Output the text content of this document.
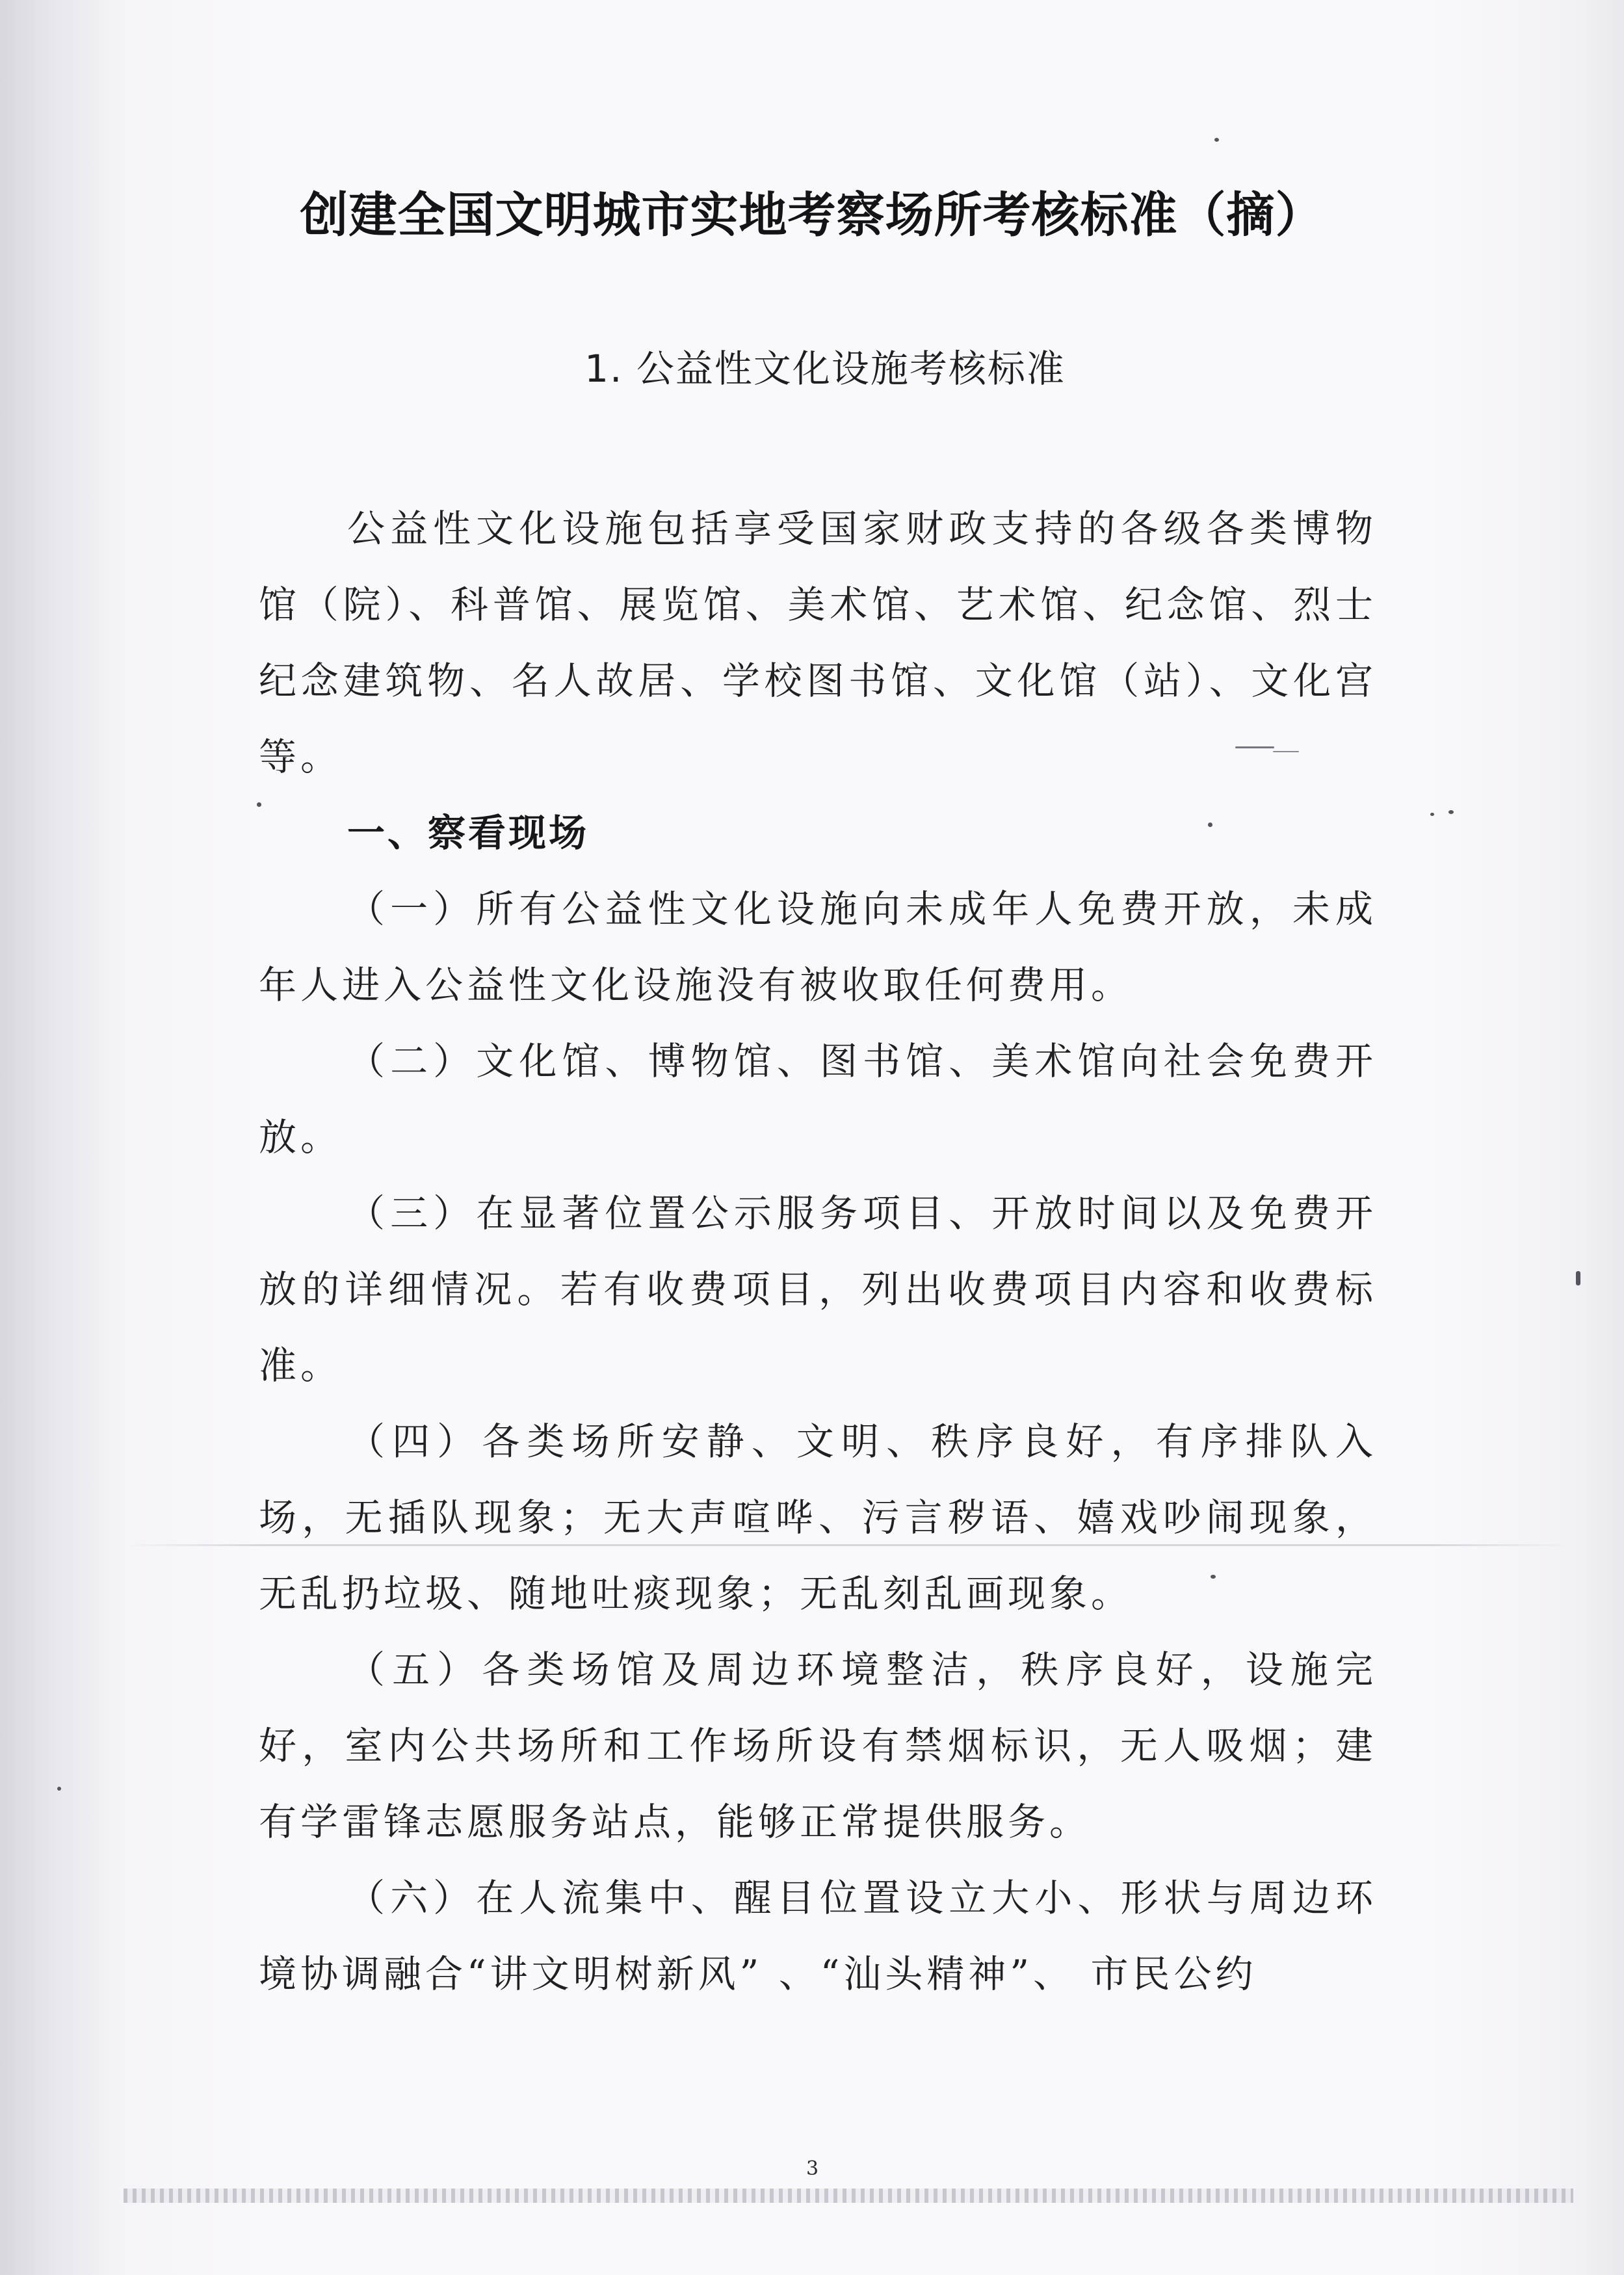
创建全国文明城市实地考察场所考核标准（摘）
1. 公益性文化设施考核标准

公益性文化设施包括享受国家财政支持的各级各类博物馆（院）、科普馆、展览馆、美术馆、艺术馆、纪念馆、烈士纪念建筑物、名人故居、学校图书馆、文化馆（站）、文化宫等。

一、察看现场

（一）所有公益性文化设施向未成年人免费开放，未成年人进入公益性文化设施没有被收取任何费用。

（二）文化馆、博物馆、图书馆、美术馆向社会免费开放。

（三）在显著位置公示服务项目、开放时间以及免费开放的详细情况。若有收费项目，列出收费项目内容和收费标准。

（四）各类场所安静、文明、秩序良好，有序排队入场，无插队现象；无大声喧哗、污言秽语、嬉戏吵闹现象，无乱扔垃圾、随地吐痰现象；无乱刻乱画现象。

（五）各类场馆及周边环境整洁，秩序良好，设施完好，室内公共场所和工作场所设有禁烟标识，无人吸烟；建有学雷锋志愿服务站点，能够正常提供服务。

（六）在人流集中、醒目位置设立大小、形状与周边环境协调融合“讲文明树新风” 、“汕头精神”、 市民公约

3
